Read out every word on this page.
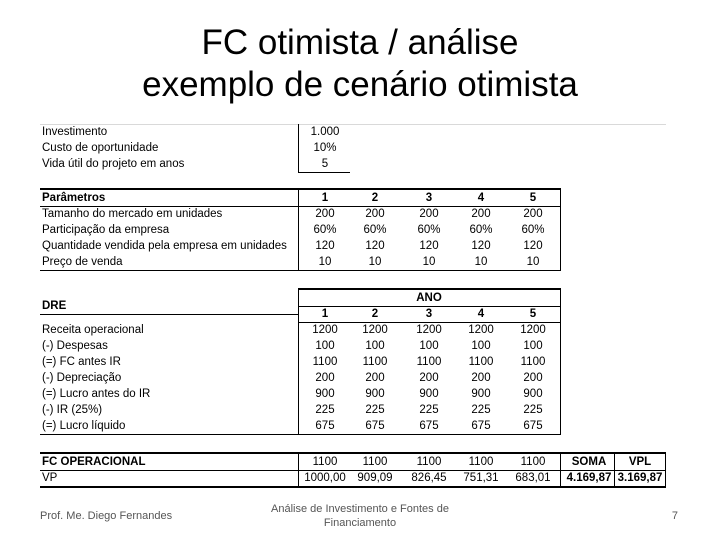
FC otimista / análise
exemplo de cenário otimista
Investimento	1.000
Custo de oportunidade	10%
Vida útil do projeto em anos	5
Parâmetros	1	2	3	4	5
Tamanho do mercado em unidades	200	200	200	200	200
Participação da empresa	60%	60%	60%	60%	60%
Quantidade vendida pela empresa em unidades	120	120	120	120	120
Preço de venda	10	10	10	10	10
DRE
ANO
1	2	3	4	5
Receita operacional	1200	1200	1200	1200	1200
(-) Despesas	100	100	100	100	100
(=) FC antes IR	1100	1100	1100	1100	1100
(-) Depreciação	200	200	200	200	200
(=) Lucro antes do IR	900	900	900	900	900
(-) IR (25%)	225	225	225	225	225
(=) Lucro líquido	675	675	675	675	675
FC OPERACIONAL	1100	1100	1100	1100	1100	SOMA	VPL
VP	1000,00	909,09	826,45	751,31	683,01	4.169,87 3.169,87
Prof. Me. Diego Fernandes
Análise de Investimento e Fontes de
Financiamento
7
